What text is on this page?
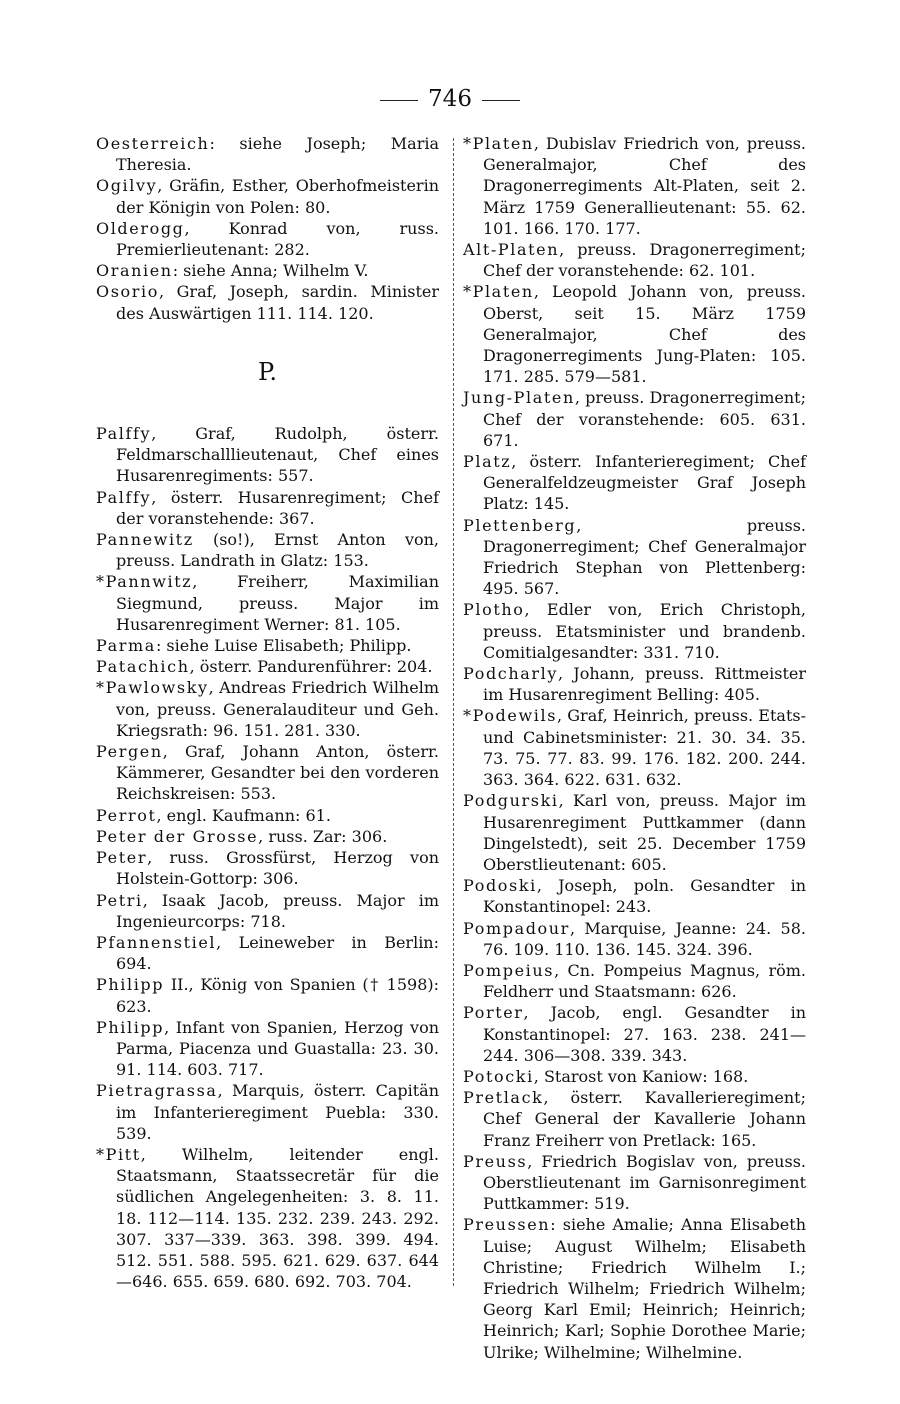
746
Oesterreich: siehe Joseph; Maria Theresia.
Ogilvy, Gräfin, Esther, Oberhofmeisterin der Königin von Polen: 80.
Olderogg, Konrad von, russ. Premierlieutenant: 282.
Oranien: siehe Anna; Wilhelm V.
Osorio, Graf, Joseph, sardin. Minister des Auswärtigen 111. 114. 120.
P.
Palffy, Graf, Rudolph, österr. Feldmarschalllieutenaut, Chef eines Husarenregiments: 557.
Palffy, österr. Husarenregiment; Chef der voranstehende: 367.
Pannewitz (so!), Ernst Anton von, preuss. Landrath in Glatz: 153.
*Pannwitz, Freiherr, Maximilian Siegmund, preuss. Major im Husarenregiment Werner: 81. 105.
Parma: siehe Luise Elisabeth; Philipp.
Patachich, österr. Pandurenführer: 204.
*Pawlowsky, Andreas Friedrich Wilhelm von, preuss. Generalauditeur und Geh. Kriegsrath: 96. 151. 281. 330.
Pergen, Graf, Johann Anton, österr. Kämmerer, Gesandter bei den vorderen Reichskreisen: 553.
Perrot, engl. Kaufmann: 61.
Peter der Grosse, russ. Zar: 306.
Peter, russ. Grossfürst, Herzog von Holstein-Gottorp: 306.
Petri, Isaak Jacob, preuss. Major im Ingenieurcorps: 718.
Pfannenstiel, Leineweber in Berlin: 694.
Philipp II., König von Spanien († 1598): 623.
Philipp, Infant von Spanien, Herzog von Parma, Piacenza und Guastalla: 23. 30. 91. 114. 603. 717.
Pietragrassa, Marquis, österr. Capitän im Infanterieregiment Puebla: 330. 539.
*Pitt, Wilhelm, leitender engl. Staatsmann, Staatssecretär für die südlichen Angelegenheiten: 3. 8. 11. 18. 112—114. 135. 232. 239. 243. 292. 307. 337—339. 363. 398. 399. 494. 512. 551. 588. 595. 621. 629. 637. 644—646. 655. 659. 680. 692. 703. 704.
*Platen, Dubislav Friedrich von, preuss. Generalmajor, Chef des Dragonerregiments Alt-Platen, seit 2. März 1759 Generallieutenant: 55. 62. 101. 166. 170. 177.
Alt-Platen, preuss. Dragonerregiment; Chef der voranstehende: 62. 101.
*Platen, Leopold Johann von, preuss. Oberst, seit 15. März 1759 Generalmajor, Chef des Dragonerregiments Jung-Platen: 105. 171. 285. 579—581.
Jung-Platen, preuss. Dragonerregiment; Chef der voranstehende: 605. 631. 671.
Platz, österr. Infanterieregiment; Chef Generalfeldzeugmeister Graf Joseph Platz: 145.
Plettenberg, preuss. Dragonerregiment; Chef Generalmajor Friedrich Stephan von Plettenberg: 495. 567.
Plotho, Edler von, Erich Christoph, preuss. Etatsminister und brandenb. Comitialgesandter: 331. 710.
Podcharly, Johann, preuss. Rittmeister im Husarenregiment Belling: 405.
*Podewils, Graf, Heinrich, preuss. Etats- und Cabinetsminister: 21. 30. 34. 35. 73. 75. 77. 83. 99. 176. 182. 200. 244. 363. 364. 622. 631. 632.
Podgurski, Karl von, preuss. Major im Husarenregiment Puttkammer (dann Dingelstedt), seit 25. December 1759 Oberstlieutenant: 605.
Podoski, Joseph, poln. Gesandter in Konstantinopel: 243.
Pompadour, Marquise, Jeanne: 24. 58. 76. 109. 110. 136. 145. 324. 396.
Pompeius, Cn. Pompeius Magnus, röm. Feldherr und Staatsmann: 626.
Porter, Jacob, engl. Gesandter in Konstantinopel: 27. 163. 238. 241—244. 306—308. 339. 343.
Potocki, Starost von Kaniow: 168.
Pretlack, österr. Kavallerieregiment; Chef General der Kavallerie Johann Franz Freiherr von Pretlack: 165.
Preuss, Friedrich Bogislav von, preuss. Oberstlieutenant im Garnisonregiment Puttkammer: 519.
Preussen: siehe Amalie; Anna Elisabeth Luise; August Wilhelm; Elisabeth Christine; Friedrich Wilhelm I.; Friedrich Wilhelm; Friedrich Wilhelm; Georg Karl Emil; Heinrich; Heinrich; Heinrich; Karl; Sophie Dorothee Marie; Ulrike; Wilhelmine; Wilhelmine.
